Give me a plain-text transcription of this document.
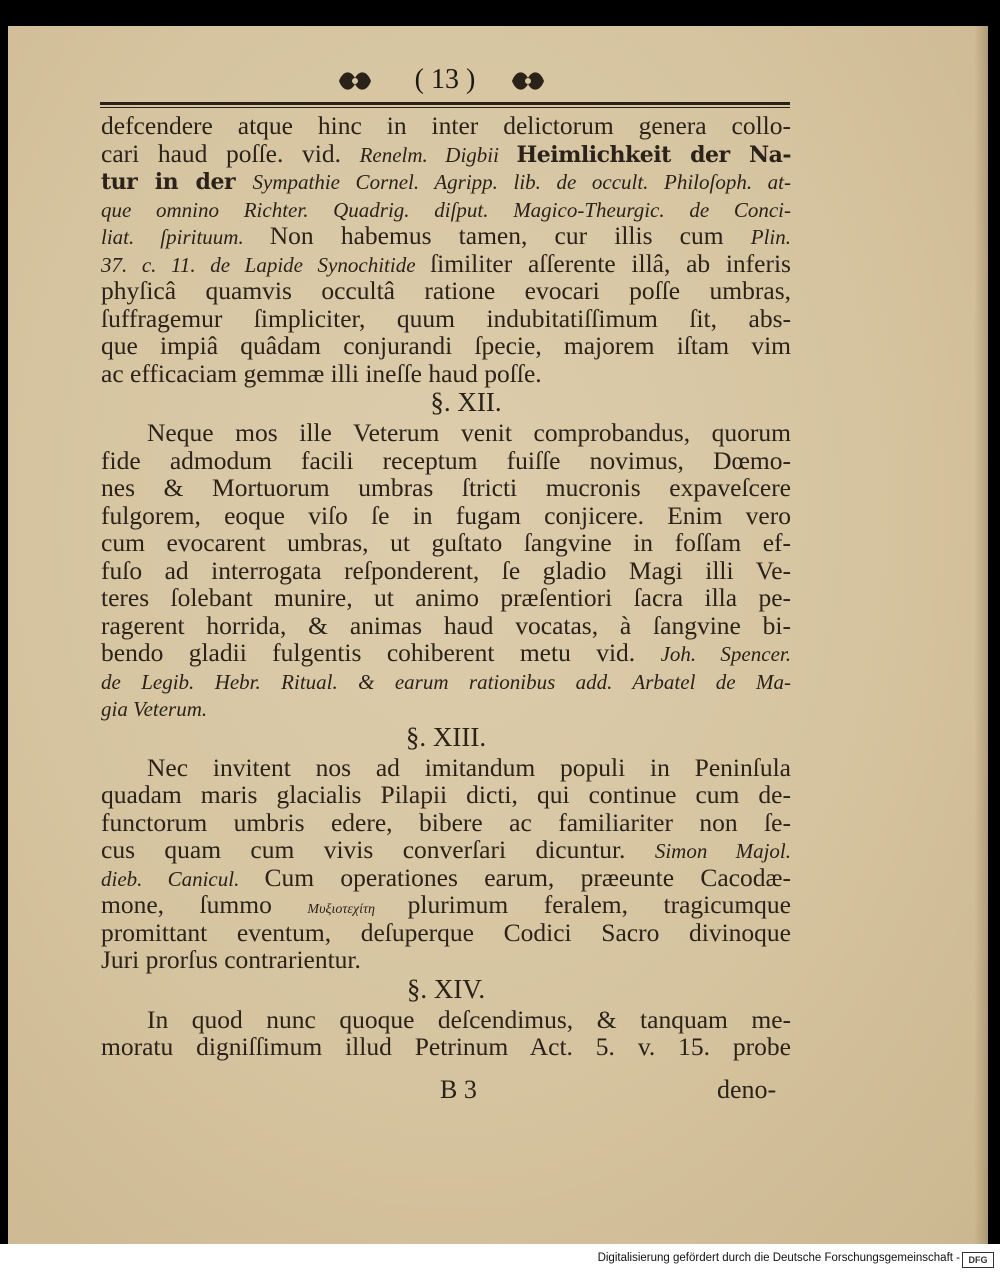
( 13 )
defcendere atque hinc in inter delictorum genera collo-
cari haud poſſe. vid. Renelm. Digbii Heimlichkeit der Na-
tur in der Sympathie Cornel. Agripp. lib. de occult. Philoſoph. at-
que omnino Richter. Quadrig. diſput. Magico-Theurgic. de Conci-
liat. ſpirituum. Non habemus tamen, cur illis cum Plin.
37. c. 11. de Lapide Synochitide ſimiliter aſſerente illâ, ab inferis
phyſicâ quamvis occultâ ratione evocari poſſe umbras,
ſuffragemur ſimpliciter, quum indubitatiſſimum ſit, abs-
que impiâ quâdam conjurandi ſpecie, majorem iſtam vim
ac efficaciam gemmæ illi ineſſe haud poſſe.
§. XII.
Neque mos ille Veterum venit comprobandus, quorum
fide admodum facili receptum fuiſſe novimus, Dœmo-
nes & Mortuorum umbras ſtricti mucronis expaveſcere
fulgorem, eoque viſo ſe in fugam conjicere. Enim vero
cum evocarent umbras, ut guſtato ſangvine in foſſam ef-
fuſo ad interrogata reſponderent, ſe gladio Magi illi Ve-
teres ſolebant munire, ut animo præſentiori ſacra illa pe-
ragerent horrida, & animas haud vocatas, à ſangvine bi-
bendo gladii fulgentis cohiberent metu vid. Joh. Spencer.
de Legib. Hebr. Ritual. & earum rationibus add. Arbatel de Ma-
gia Veterum.
§. XIII.
Nec invitent nos ad imitandum populi in Peninſula
quadam maris glacialis Pilapii dicti, qui continue cum de-
functorum umbris edere, bibere ac familiariter non ſe-
cus quam cum vivis converſari dicuntur. Simon Majol.
dieb. Canicul. Cum operationes earum, præeunte Cacodæ-
mone, ſummo Μυξιοτεχίτη plurimum feralem, tragicumque
promittant eventum, deſuperque Codici Sacro divinoque
Juri prorſus contrarientur.
§. XIV.
In quod nunc quoque deſcendimus, & tanquam me-
moratu digniſſimum illud Petrinum Act. 5. v. 15. probe
B 3	deno-
Digitalisierung gefördert durch die Deutsche Forschungsgemeinschaft - DFG
